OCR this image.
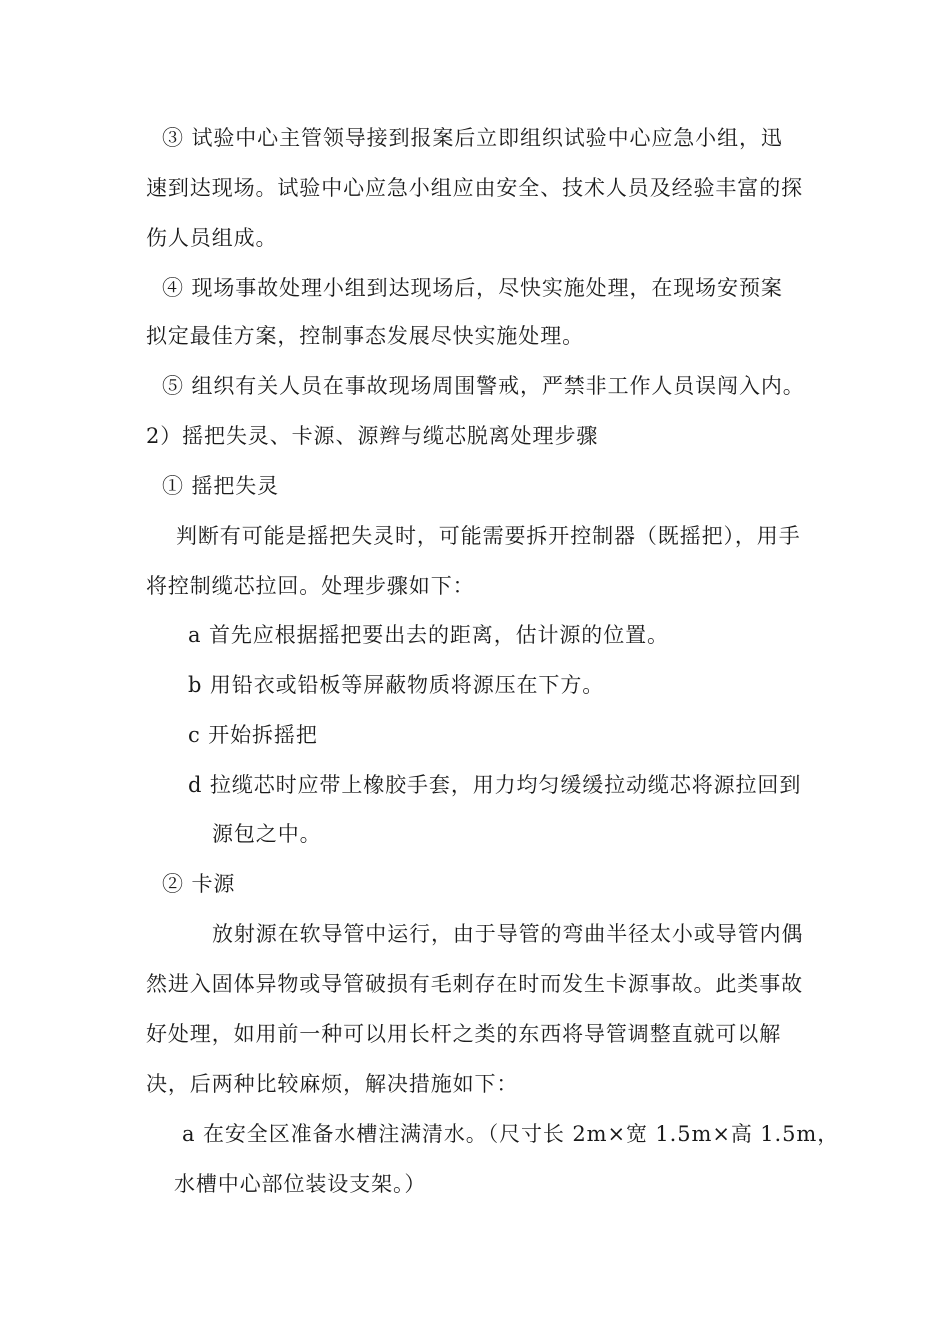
③ 试验中心主管领导接到报案后立即组织试验中心应急小组，迅
速到达现场。试验中心应急小组应由安全、技术人员及经验丰富的探
伤人员组成。
④ 现场事故处理小组到达现场后，尽快实施处理，在现场安预案
拟定最佳方案，控制事态发展尽快实施处理。
⑤ 组织有关人员在事故现场周围警戒，严禁非工作人员误闯入内。
2）摇把失灵、卡源、源辫与缆芯脱离处理步骤
① 摇把失灵
判断有可能是摇把失灵时，可能需要拆开控制器（既摇把），用手
将控制缆芯拉回。处理步骤如下：
a 首先应根据摇把要出去的距离，估计源的位置。
b 用铅衣或铅板等屏蔽物质将源压在下方。
c 开始拆摇把
d 拉缆芯时应带上橡胶手套，用力均匀缓缓拉动缆芯将源拉回到
源包之中。
② 卡源
放射源在软导管中运行，由于导管的弯曲半径太小或导管内偶
然进入固体异物或导管破损有毛刺存在时而发生卡源事故。此类事故
好处理，如用前一种可以用长杆之类的东西将导管调整直就可以解
决，后两种比较麻烦，解决措施如下：
a 在安全区准备水槽注满清水。（尺寸长 2m×宽 1.5m×高 1.5m，
水槽中心部位装设支架。）
